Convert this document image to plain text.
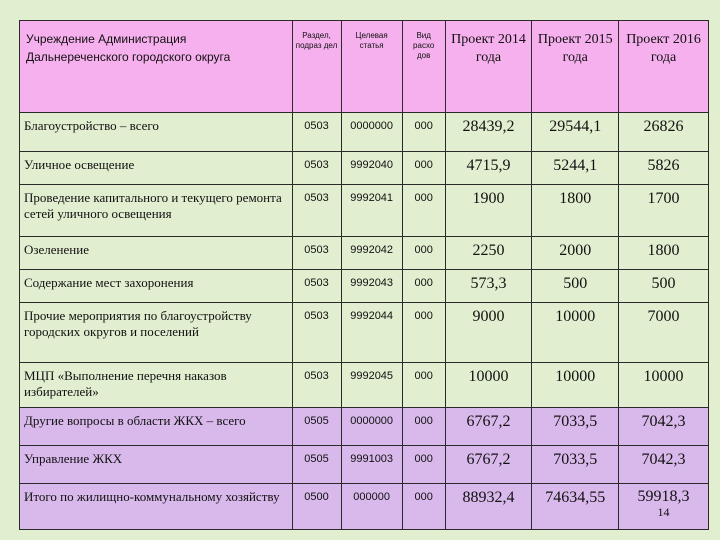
Учреждение Администрация Дальнереченского городского округа	Раздел, подраз дел	Целевая статья	Вид расхо дов	Проект 2014 года	Проект 2015 года	Проект 2016 года
Благоустройство – всего	0503	0000000	000	28439,2	29544,1	26826
Уличное освещение	0503	9992040	000	4715,9	5244,1	5826
Проведение капитального и текущего ремонта сетей уличного освещения	0503	9992041	000	1900	1800	1700
Озеленение	0503	9992042	000	2250	2000	1800
Содержание мест захоронения	0503	9992043	000	573,3	500	500
Прочие мероприятия по благоустройству городских округов и поселений	0503	9992044	000	9000	10000	7000
МЦП «Выполнение перечня наказов избирателей»	0503	9992045	000	10000	10000	10000
Другие вопросы в области ЖКХ – всего	0505	0000000	000	6767,2	7033,5	7042,3
Управление ЖКХ	0505	9991003	000	6767,2	7033,5	7042,3
Итого по жилищно-коммунальному хозяйству	0500	000000	000	88932,4	74634,55	59918,3
14
